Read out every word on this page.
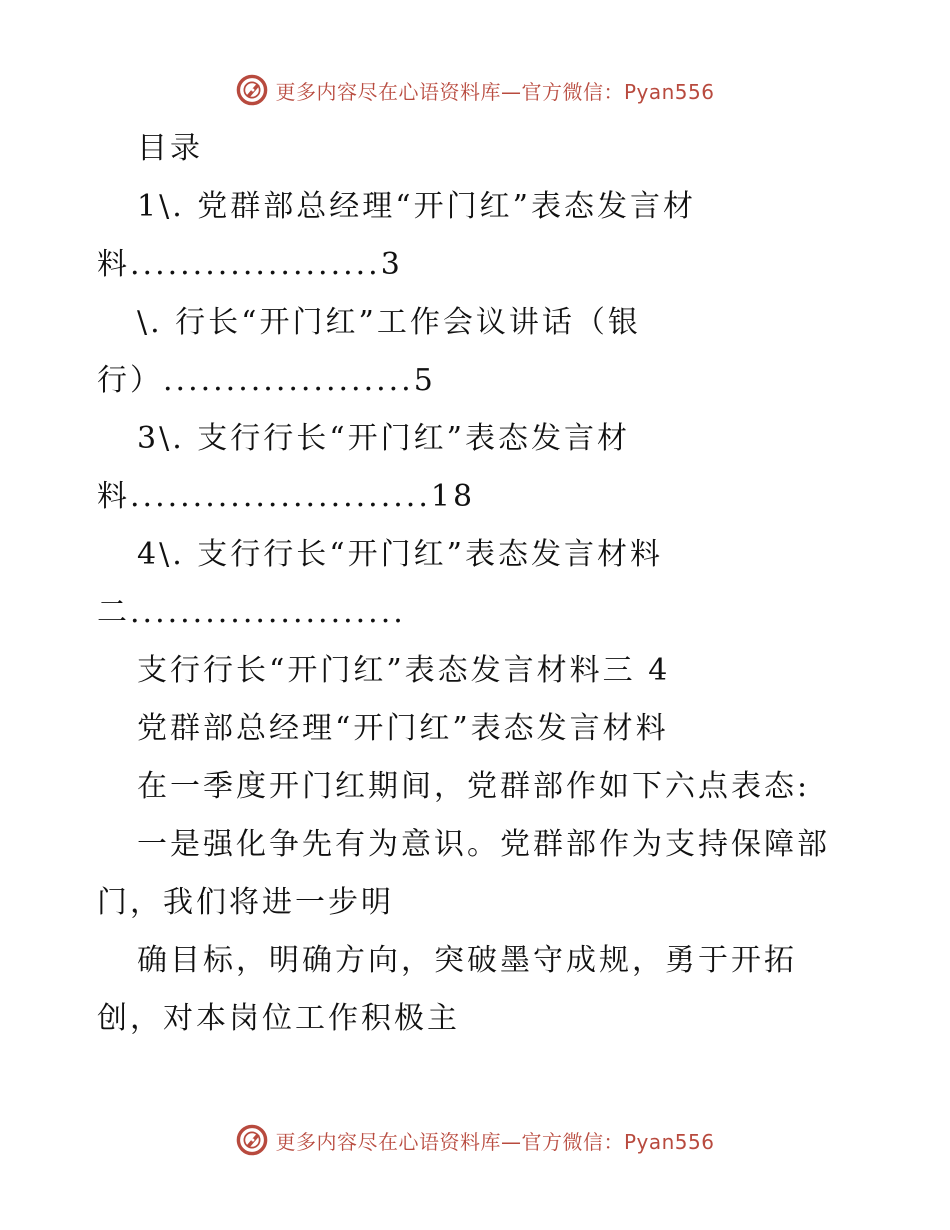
更多内容尽在心语资料库—官方微信：Pyan556
目录
1\. 党群部总经理“开门红”表态发言材
料....................3
\. 行长“开门红”工作会议讲话（银
行）....................5
3\. 支行行长“开门红”表态发言材
料........................18
4\. 支行行长“开门红”表态发言材料
二......................
支行行长“开门红”表态发言材料三 4
党群部总经理“开门红”表态发言材料
在一季度开门红期间，党群部作如下六点表态:
一是强化争先有为意识。党群部作为支持保障部
门，我们将进一步明
确目标，明确方向，突破墨守成规，勇于开拓
创，对本岗位工作积极主
更多内容尽在心语资料库—官方微信：Pyan556
